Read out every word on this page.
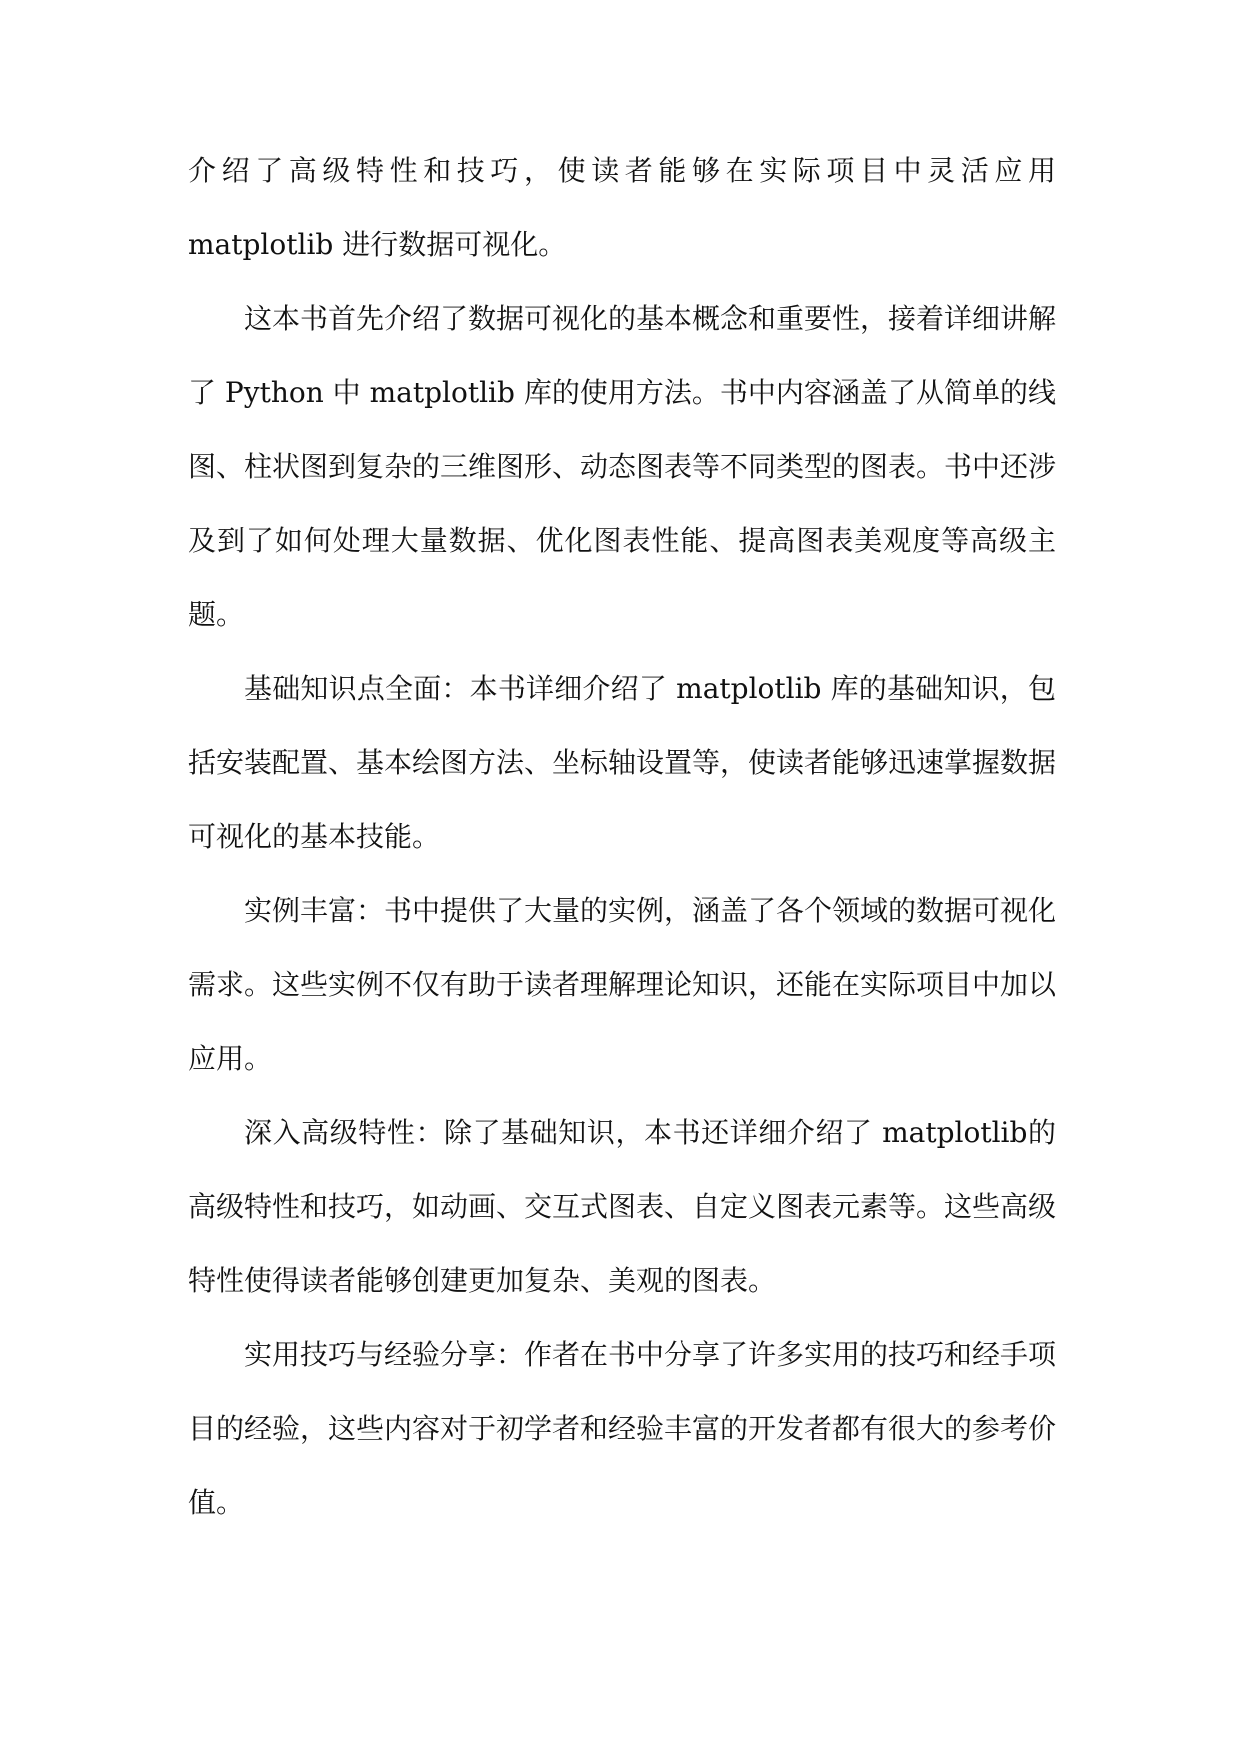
介绍了高级特性和技巧，使读者能够在实际项目中灵活应用matplotlib 进行数据可视化。

这本书首先介绍了数据可视化的基本概念和重要性，接着详细讲解了 Python 中 matplotlib 库的使用方法。书中内容涵盖了从简单的线图、柱状图到复杂的三维图形、动态图表等不同类型的图表。书中还涉及到了如何处理大量数据、优化图表性能、提高图表美观度等高级主题。

基础知识点全面：本书详细介绍了 matplotlib 库的基础知识，包括安装配置、基本绘图方法、坐标轴设置等，使读者能够迅速掌握数据可视化的基本技能。

实例丰富：书中提供了大量的实例，涵盖了各个领域的数据可视化需求。这些实例不仅有助于读者理解理论知识，还能在实际项目中加以应用。

深入高级特性：除了基础知识，本书还详细介绍了 matplotlib的高级特性和技巧，如动画、交互式图表、自定义图表元素等。这些高级特性使得读者能够创建更加复杂、美观的图表。

实用技巧与经验分享：作者在书中分享了许多实用的技巧和经手项目的经验，这些内容对于初学者和经验丰富的开发者都有很大的参考价值。
